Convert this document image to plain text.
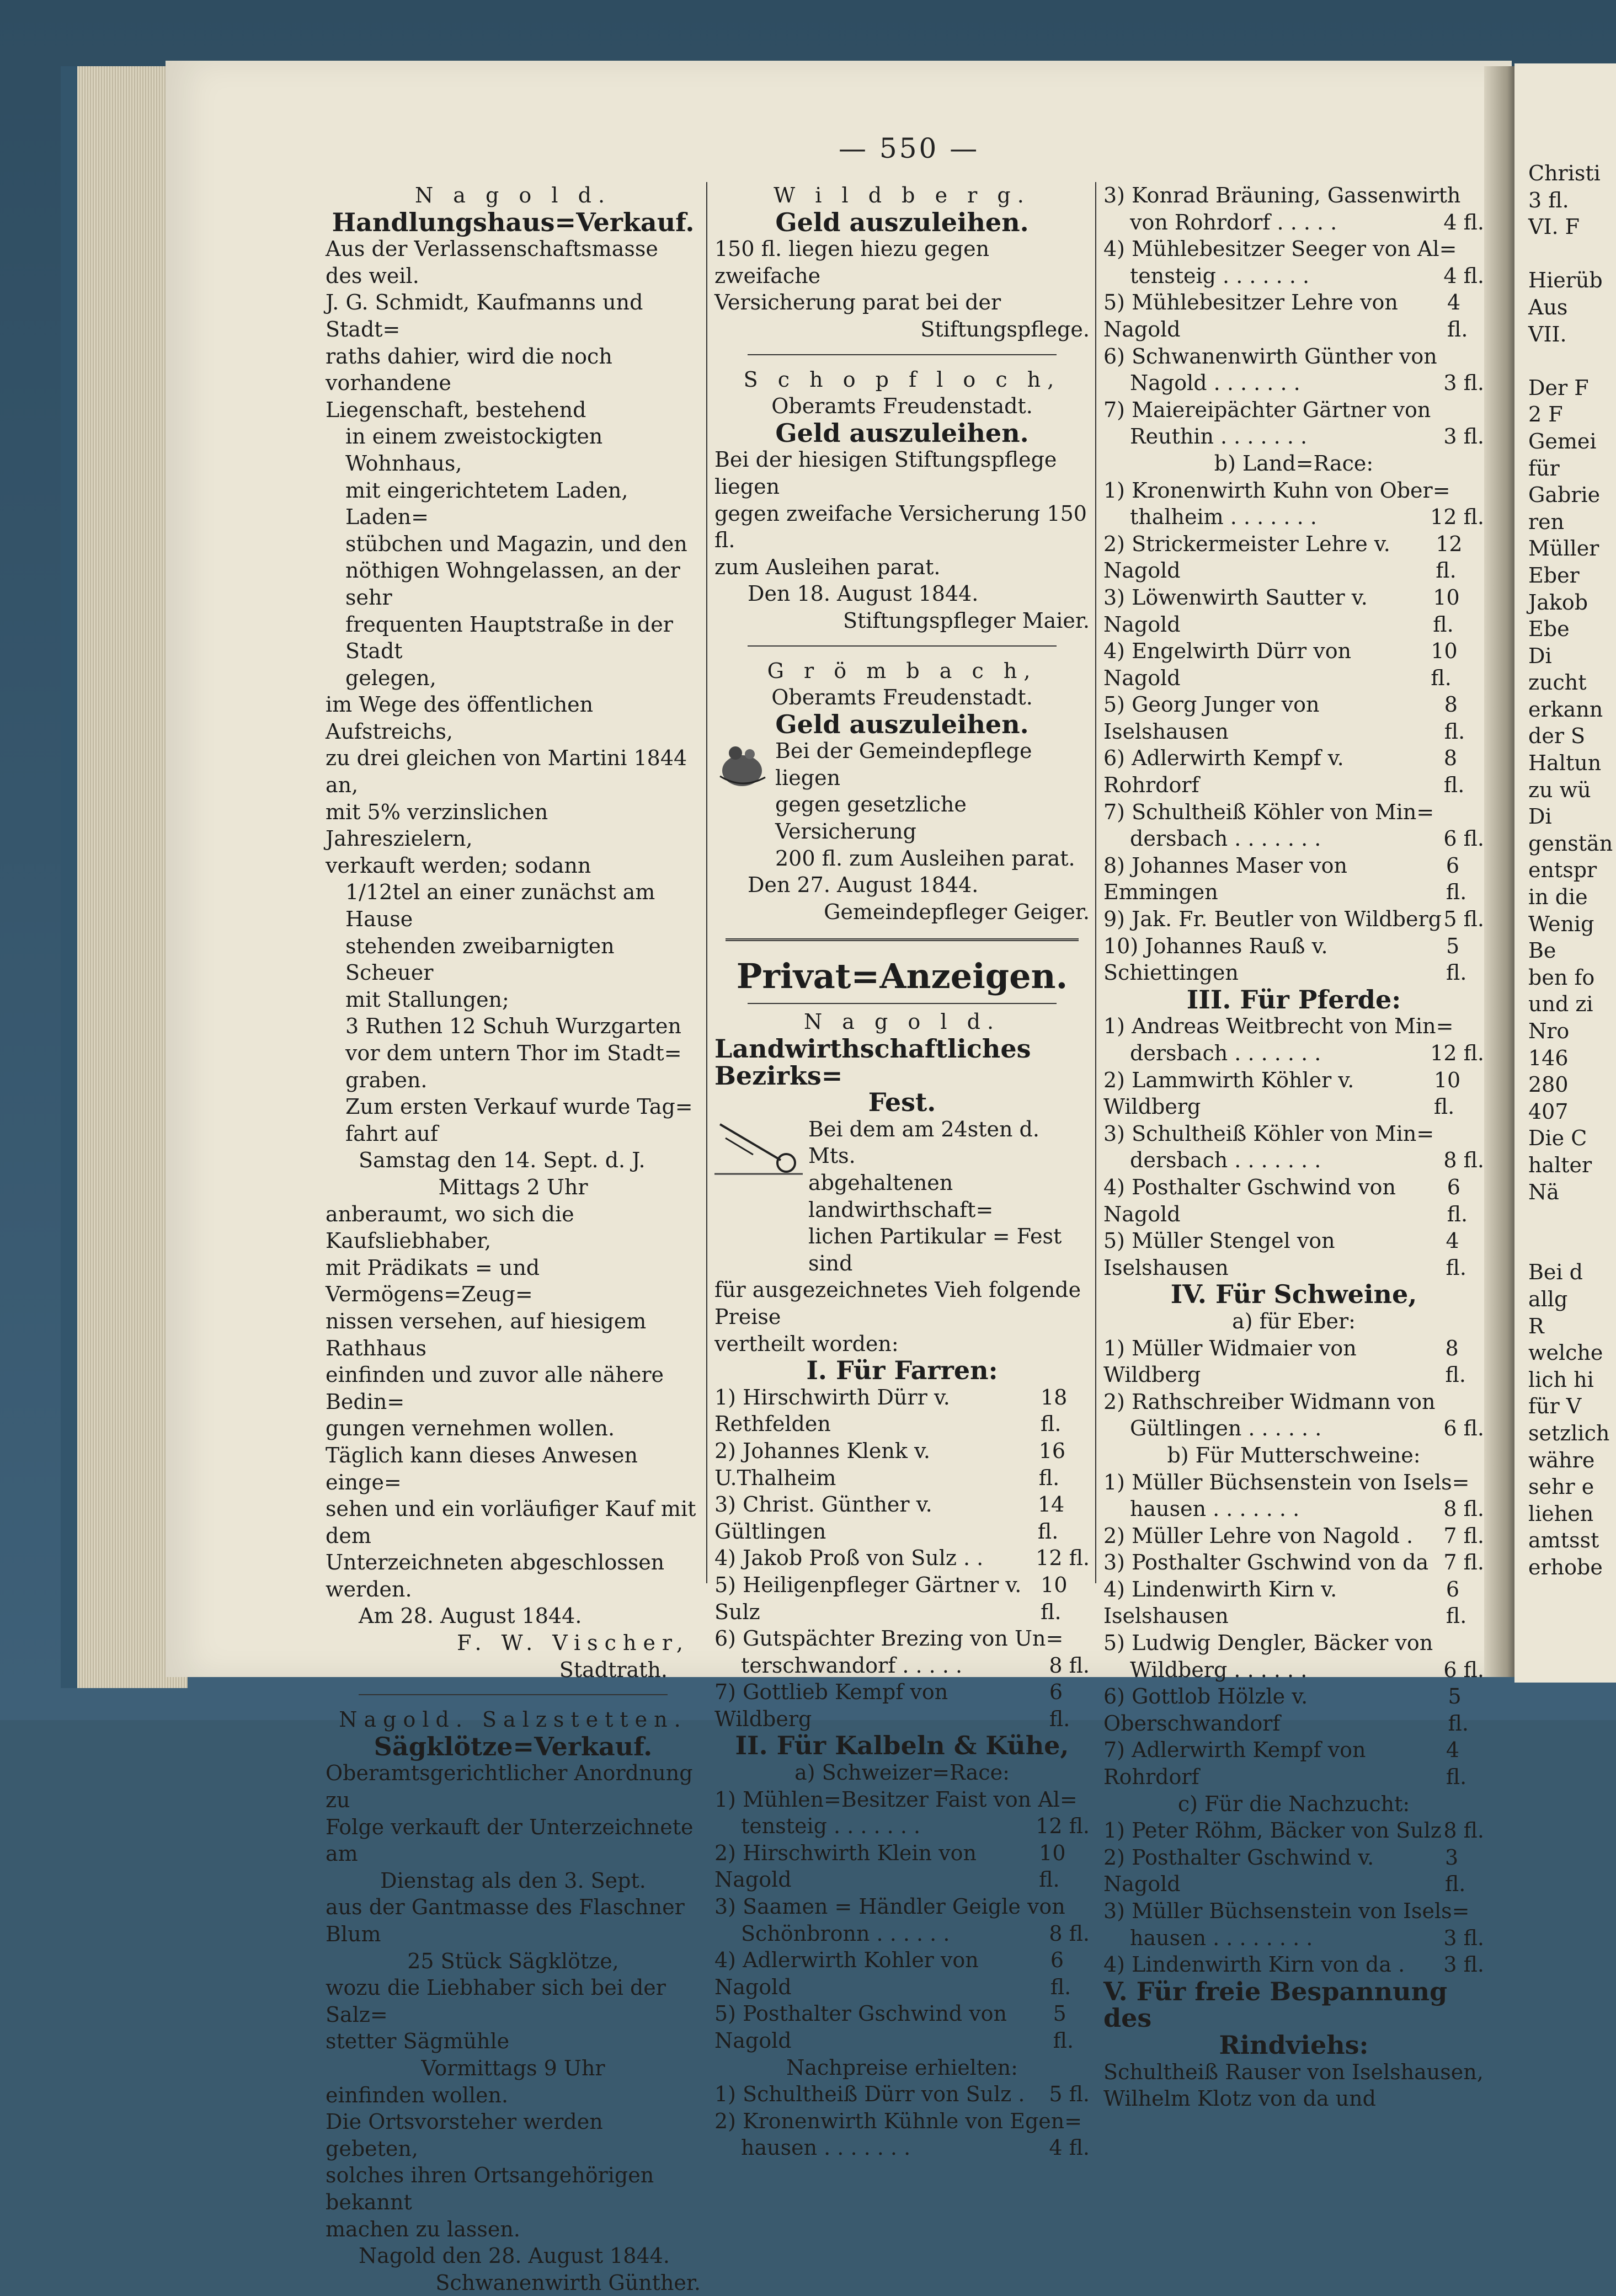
Christi
3 fl.
VI. F

Hierüb
Aus
VII.

Der F
2 F
Gemei
für
Gabrie
ren
Müller
Eber
Jakob
Ebe
Di
zucht
erkann
der S
Haltun
zu wü
Di
genstän
entspr
in die
Wenig
Be
ben fo
und zi
Nro
146
280
407
Die C
halter
Nä

Bei d
allg
R
welche
lich hi
für V
setzlich
währe
sehr e
liehen
amtsst
erhobe
— 550 —
N a g o l d.
Handlungshaus=Verkauf.
Aus der Verlassenschaftsmasse des weil.
J. G. Schmidt, Kaufmanns und Stadt=
raths dahier, wird die noch vorhandene
Liegenschaft, bestehend
in einem zweistockigten Wohnhaus,
mit eingerichtetem Laden, Laden=
stübchen und Magazin, und den
nöthigen Wohngelassen, an der sehr
frequenten Hauptstraße in der Stadt
gelegen,
im Wege des öffentlichen Aufstreichs,
zu drei gleichen von Martini 1844 an,
mit 5% verzinslichen Jahreszielern,
verkauft werden; sodann
1/12tel an einer zunächst am Hause
stehenden zweibarnigten Scheuer
mit Stallungen;
3 Ruthen 12 Schuh Wurzgarten
vor dem untern Thor im Stadt=
graben.
Zum ersten Verkauf wurde Tag=
fahrt auf
Samstag den 14. Sept. d. J.
Mittags 2 Uhr
anberaumt, wo sich die Kaufsliebhaber,
mit Prädikats = und Vermögens=Zeug=
nissen versehen, auf hiesigem Rathhaus
einfinden und zuvor alle nähere Bedin=
gungen vernehmen wollen.
Täglich kann dieses Anwesen einge=
sehen und ein vorläufiger Kauf mit dem
Unterzeichneten abgeschlossen werden.
Am 28. August 1844.
F. W. Vischer,
Stadtrath.
Nagold. Salzstetten.
Sägklötze=Verkauf.
Oberamtsgerichtlicher Anordnung zu
Folge verkauft der Unterzeichnete am
Dienstag als den 3. Sept.
aus der Gantmasse des Flaschner Blum
25 Stück Sägklötze,
wozu die Liebhaber sich bei der Salz=
stetter Sägmühle
Vormittags 9 Uhr
einfinden wollen.
Die Ortsvorsteher werden gebeten,
solches ihren Ortsangehörigen bekannt
machen zu lassen.
Nagold den 28. August 1844.
Schwanenwirth Günther.
W i l d b e r g.
Geld auszuleihen.
150 fl. liegen hiezu gegen zweifache
Versicherung parat bei der
Stiftungspflege.
S c h o p f l o c h,
Oberamts Freudenstadt.
Geld auszuleihen.
Bei der hiesigen Stiftungspflege liegen
gegen zweifache Versicherung 150 fl.
zum Ausleihen parat.
Den 18. August 1844.
Stiftungspfleger Maier.
G r ö m b a c h,
Oberamts Freudenstadt.
Geld auszuleihen.
Bei der Gemeindepflege liegen
gegen gesetzliche Versicherung
200 fl. zum Ausleihen parat.
Den 27. August 1844.
Gemeindepfleger Geiger.
Privat=Anzeigen.
N a g o l d.
Landwirthschaftliches Bezirks=
Fest.
Bei dem am 24sten d. Mts.
abgehaltenen landwirthschaft=
lichen Partikular = Fest sind
für ausgezeichnetes Vieh folgende Preise
vertheilt worden:
I. Für Farren:
1) Hirschwirth Dürr v. Rethfelden
18 fl.
2) Johannes Klenk v. U.Thalheim
16 fl.
3) Christ. Günther v. Gültlingen
14 fl.
4) Jakob Proß von Sulz . . 12 fl.
5) Heiligenpfleger Gärtner v. Sulz
10 fl.
6) Gutspächter Brezing von Un=
terschwandorf . . . . .	8 fl.
7) Gottlieb Kempf von Wildberg
6 fl.
II. Für Kalbeln & Kühe,
a) Schweizer=Race:
1) Mühlen=Besitzer Faist von Al=
tensteig . . . . . . .	12 fl.
2) Hirschwirth Klein von Nagold
10 fl.
3) Saamen = Händler Geigle von
Schönbronn . . . . . .	8 fl.
4) Adlerwirth Kohler von Nagold
6 fl.
5) Posthalter Gschwind von Nagold
5 fl.
Nachpreise erhielten:
1) Schultheiß Dürr von Sulz . 5 fl.
2) Kronenwirth Kühnle von Egen=
hausen . . . . . . .	4 fl.
3) Konrad Bräuning, Gassenwirth
von Rohrdorf . . . . .	4 fl.
4) Mühlebesitzer Seeger von Al=
tensteig . . . . . . .	4 fl.
5) Mühlebesitzer Lehre von Nagold
4 fl.
6) Schwanenwirth Günther von
Nagold . . . . . . .	3 fl.
7) Maiereipächter Gärtner von
Reuthin . . . . . . .	3 fl.
b) Land=Race:
1) Kronenwirth Kuhn von Ober=
thalheim . . . . . . .	12 fl.
2) Strickermeister Lehre v. Nagold
12 fl.
3) Löwenwirth Sautter v. Nagold
10 fl.
4) Engelwirth Dürr von Nagold
10 fl.
5) Georg Junger von Iselshausen
8 fl.
6) Adlerwirth Kempf v. Rohrdorf
8 fl.
7) Schultheiß Köhler von Min=
dersbach . . . . . . .	6 fl.
8) Johannes Maser von Emmingen
6 fl.
9) Jak. Fr. Beutler von Wildberg 5 fl.
10) Johannes Rauß v. Schiettingen
5 fl.
III. Für Pferde:
1) Andreas Weitbrecht von Min=
dersbach . . . . . . .	12 fl.
2) Lammwirth Köhler v. Wildberg
10 fl.
3) Schultheiß Köhler von Min=
dersbach . . . . . . .	8 fl.
4) Posthalter Gschwind von Nagold
6 fl.
5) Müller Stengel von Iselshausen
4 fl.
IV. Für Schweine,
a) für Eber:
1) Müller Widmaier von Wildberg
8 fl.
2) Rathschreiber Widmann von
Gültlingen . . . . . .	6 fl.
b) Für Mutterschweine:
1) Müller Büchsenstein von Isels=
hausen . . . . . . .	8 fl.
2) Müller Lehre von Nagold . 7 fl.
3) Posthalter Gschwind von da 7 fl.
4) Lindenwirth Kirn v. Iselshausen
6 fl.
5) Ludwig Dengler, Bäcker von
Wildberg . . . . . .	6 fl.
6) Gottlob Hölzle v. Oberschwandorf
5 fl.
7) Adlerwirth Kempf von Rohrdorf
4 fl.
c) Für die Nachzucht:
1) Peter Röhm, Bäcker von Sulz 8 fl.
2) Posthalter Gschwind v. Nagold
3 fl.
3) Müller Büchsenstein von Isels=
hausen . . . . . . . .	3 fl.
4) Lindenwirth Kirn von da . 3 fl.
V. Für freie Bespannung des
Rindviehs:
Schultheiß Rauser von Iselshausen,
Wilhelm Klotz von da und
